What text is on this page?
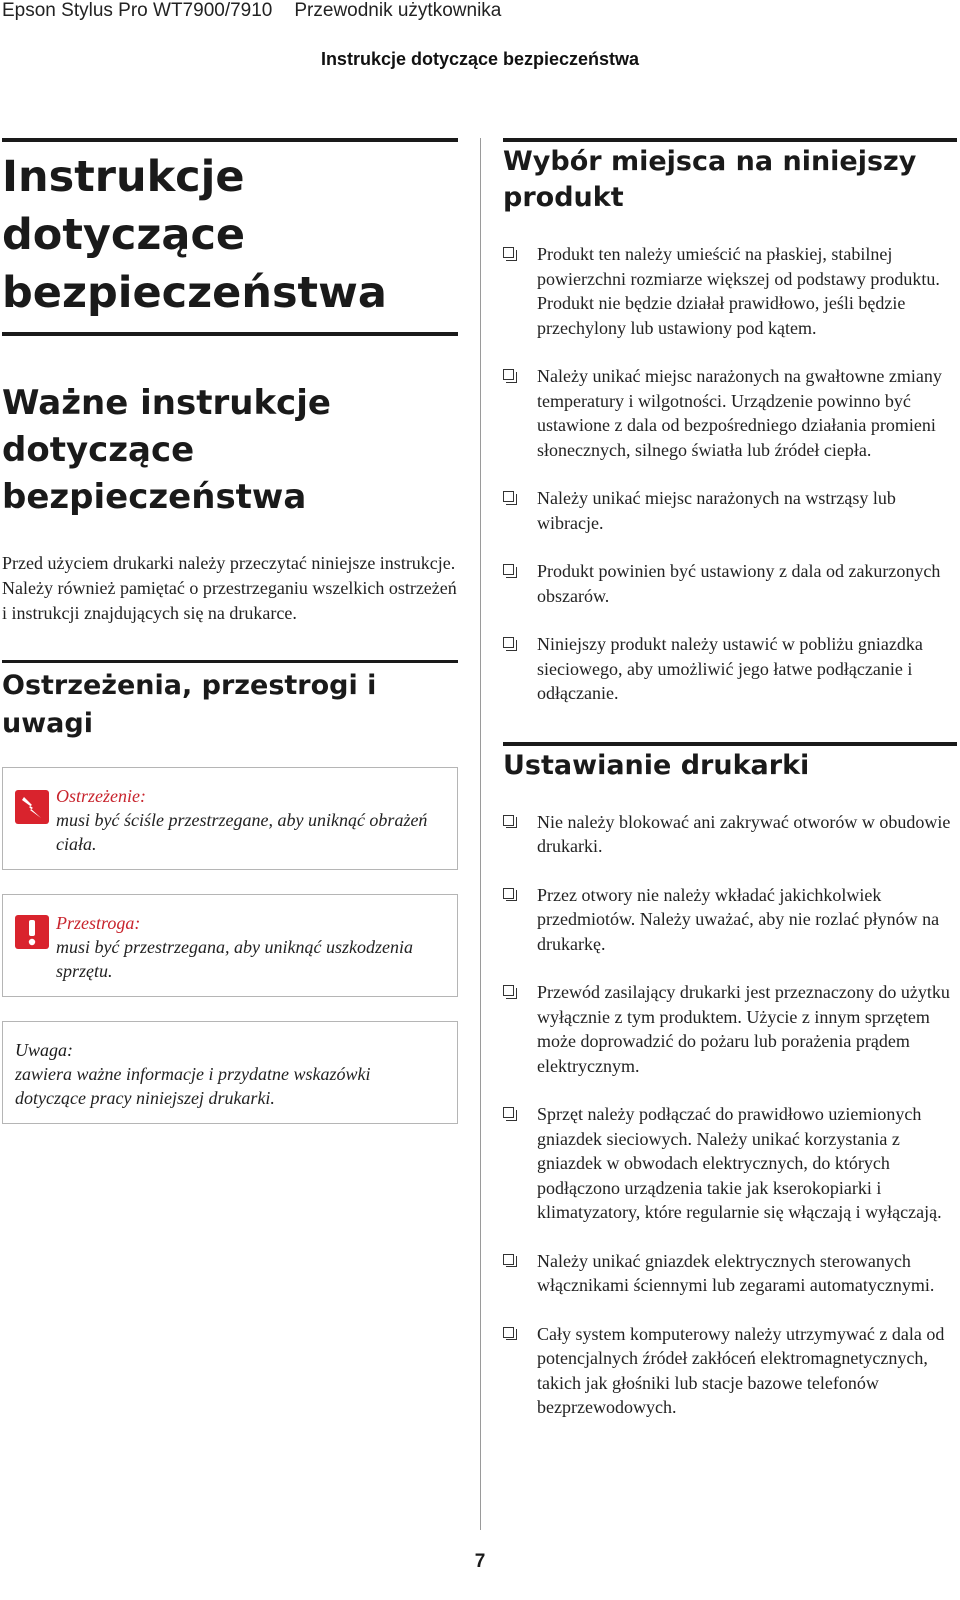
Epson Stylus Pro WT7900/7910 Przewodnik użytkownika
Instrukcje dotyczące bezpieczeństwa
Instrukcje dotyczące bezpieczeństwa
Ważne instrukcje dotyczące bezpieczeństwa

Przed użyciem drukarki należy przeczytać niniejsze instrukcje. Należy również pamiętać o przestrzeganiu wszelkich ostrzeżeń i instrukcji znajdujących się na drukarce.

Ostrzeżenia, przestrogi i uwagi
Ostrzeżenie:
musi być ściśle przestrzegane, aby uniknąć obrażeń ciała.
Przestroga:
musi być przestrzegana, aby uniknąć uszkodzenia sprzętu.
Uwaga:
zawiera ważne informacje i przydatne wskazówki dotyczące pracy niniejszej drukarki.
Wybór miejsca na niniejszy produkt
Produkt ten należy umieścić na płaskiej, stabilnej powierzchni rozmiarze większej od podstawy produktu. Produkt nie będzie działał prawidłowo, jeśli będzie przechylony lub ustawiony pod kątem.
Należy unikać miejsc narażonych na gwałtowne zmiany temperatury i wilgotności. Urządzenie powinno być ustawione z dala od bezpośredniego działania promieni słonecznych, silnego światła lub źródeł ciepła.
Należy unikać miejsc narażonych na wstrząsy lub wibracje.
Produkt powinien być ustawiony z dala od zakurzonych obszarów.
Niniejszy produkt należy ustawić w pobliżu gniazdka sieciowego, aby umożliwić jego łatwe podłączanie i odłączanie.
Ustawianie drukarki
Nie należy blokować ani zakrywać otworów w obudowie drukarki.
Przez otwory nie należy wkładać jakichkolwiek przedmiotów. Należy uważać, aby nie rozlać płynów na drukarkę.
Przewód zasilający drukarki jest przeznaczony do użytku wyłącznie z tym produktem. Użycie z innym sprzętem może doprowadzić do pożaru lub porażenia prądem elektrycznym.
Sprzęt należy podłączać do prawidłowo uziemionych gniazdek sieciowych. Należy unikać korzystania z gniazdek w obwodach elektrycznych, do których podłączono urządzenia takie jak kserokopiarki i klimatyzatory, które regularnie się włączają i wyłączają.
Należy unikać gniazdek elektrycznych sterowanych włącznikami ściennymi lub zegarami automatycznymi.
Cały system komputerowy należy utrzymywać z dala od potencjalnych źródeł zakłóceń elektromagnetycznych, takich jak głośniki lub stacje bazowe telefonów bezprzewodowych.
7
